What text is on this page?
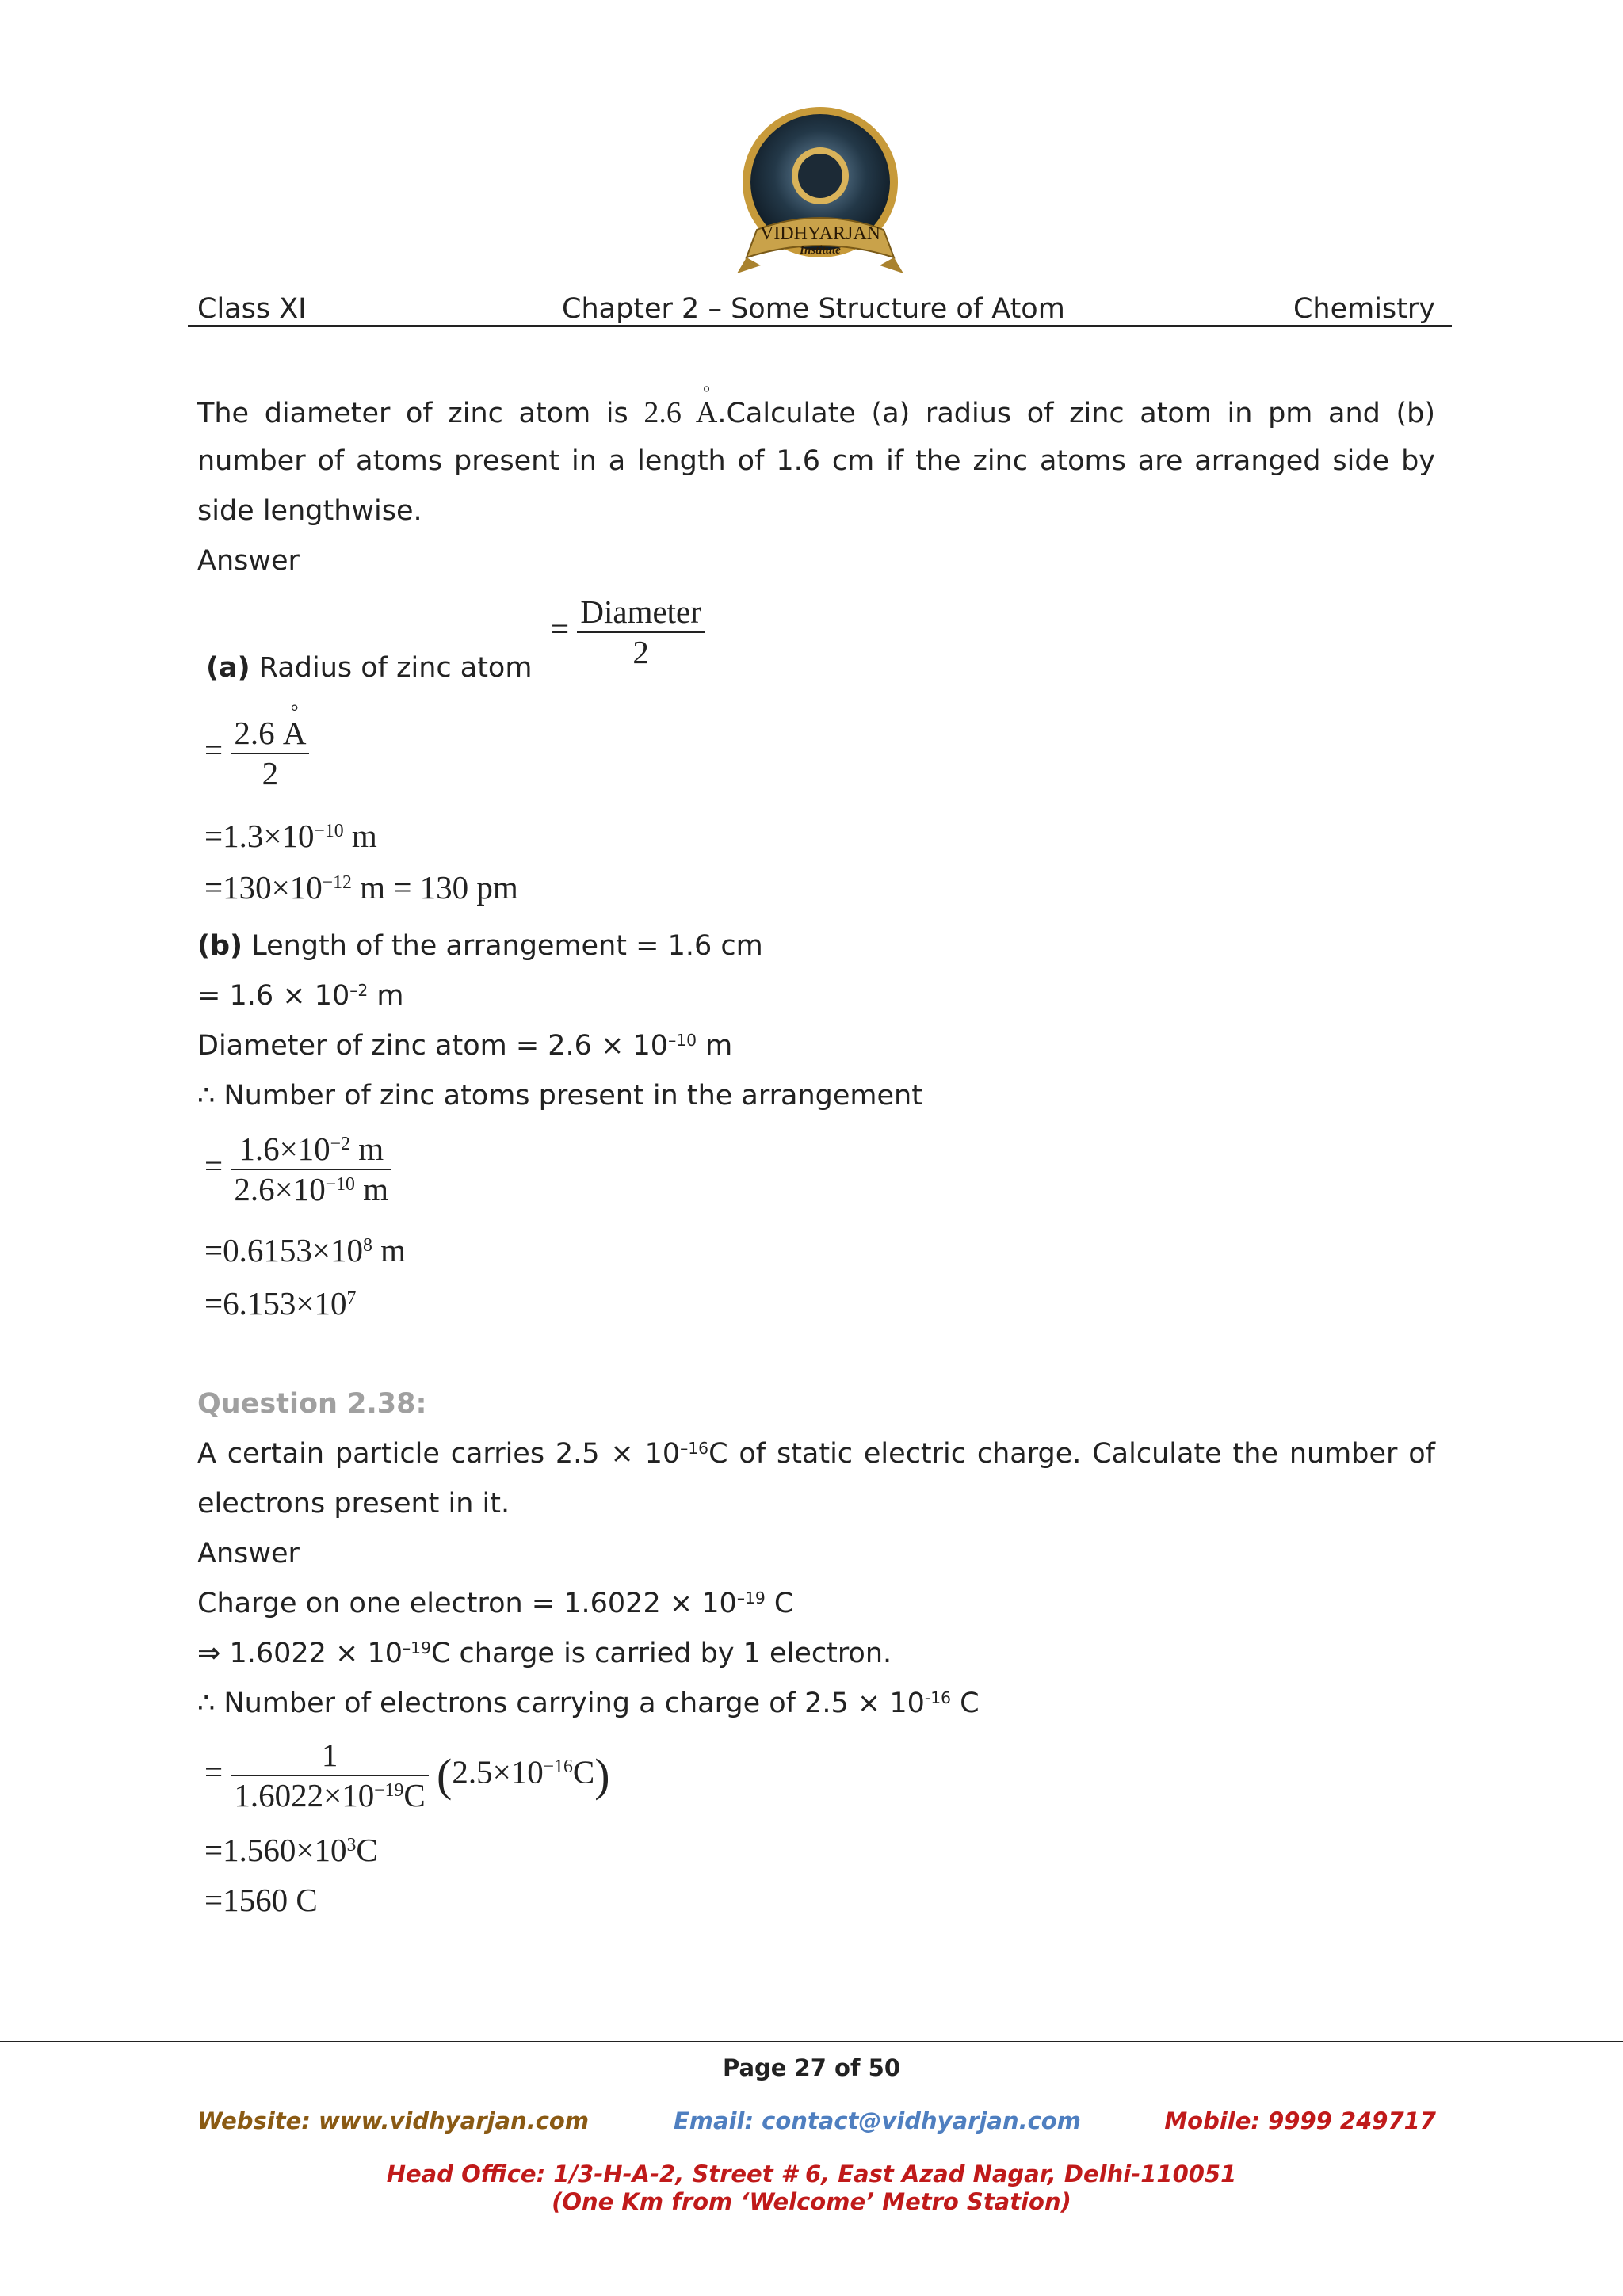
VIDHYARJAN
Institute
Class XI	Chapter 2 – Some Structure of Atom	Chemistry
The diameter of zinc atom is 2.6 ° A.Calculate (a) radius of zinc atom in pm and (b)
number of atoms present in a length of 1.6 cm if the zinc atoms are arranged side by
side lengthwise.
Answer
(a) Radius of zinc atom
= $\frac{\text{Diameter}}{2}$
= $\frac{2.6 ^\circ A}{2}$
$=1.3\times 10^{-10}$ m
$=130\times 10^{-12}$ m = 130 pm
(b) Length of the arrangement = 1.6 cm
= $1.6 \times 10^{-2}$ m
Diameter of zinc atom = $2.6 \times 10^{-10}$ m
∴ Number of zinc atoms present in the arrangement
= $\frac{1.6\times 10^{-2} m}{2.6\times 10^{-10} m}$
$=0.6153\times 10^8$ m
$=6.153\times 10^7$
Question 2.38:
A certain particle carries $2.5 \times 10^{-16}C$ of static electric charge. Calculate the number of
electrons present in it.
Answer
Charge on one electron = $1.6022 \times 10^{-19}$ C
⇒ $1.6022 \times 10^{-19}C$ charge is carried by 1 electron.
∴ Number of electrons carrying a charge of $2.5 \times 10^{-16}$ C
= $\frac{1}{1.6022\times 10^{-19}C} (2.5\times 10^{-16}C)$
$=1.560\times 10^3C$
=1560 C
Page 27 of 50
Website: www.vidhyarjan.com	Email: contact@vidhyarjan.com	Mobile: 9999 249717
Head Office: 1/3-H-A-2, Street # 6, East Azad Nagar, Delhi-110051
(One Km from ‘Welcome’ Metro Station)
